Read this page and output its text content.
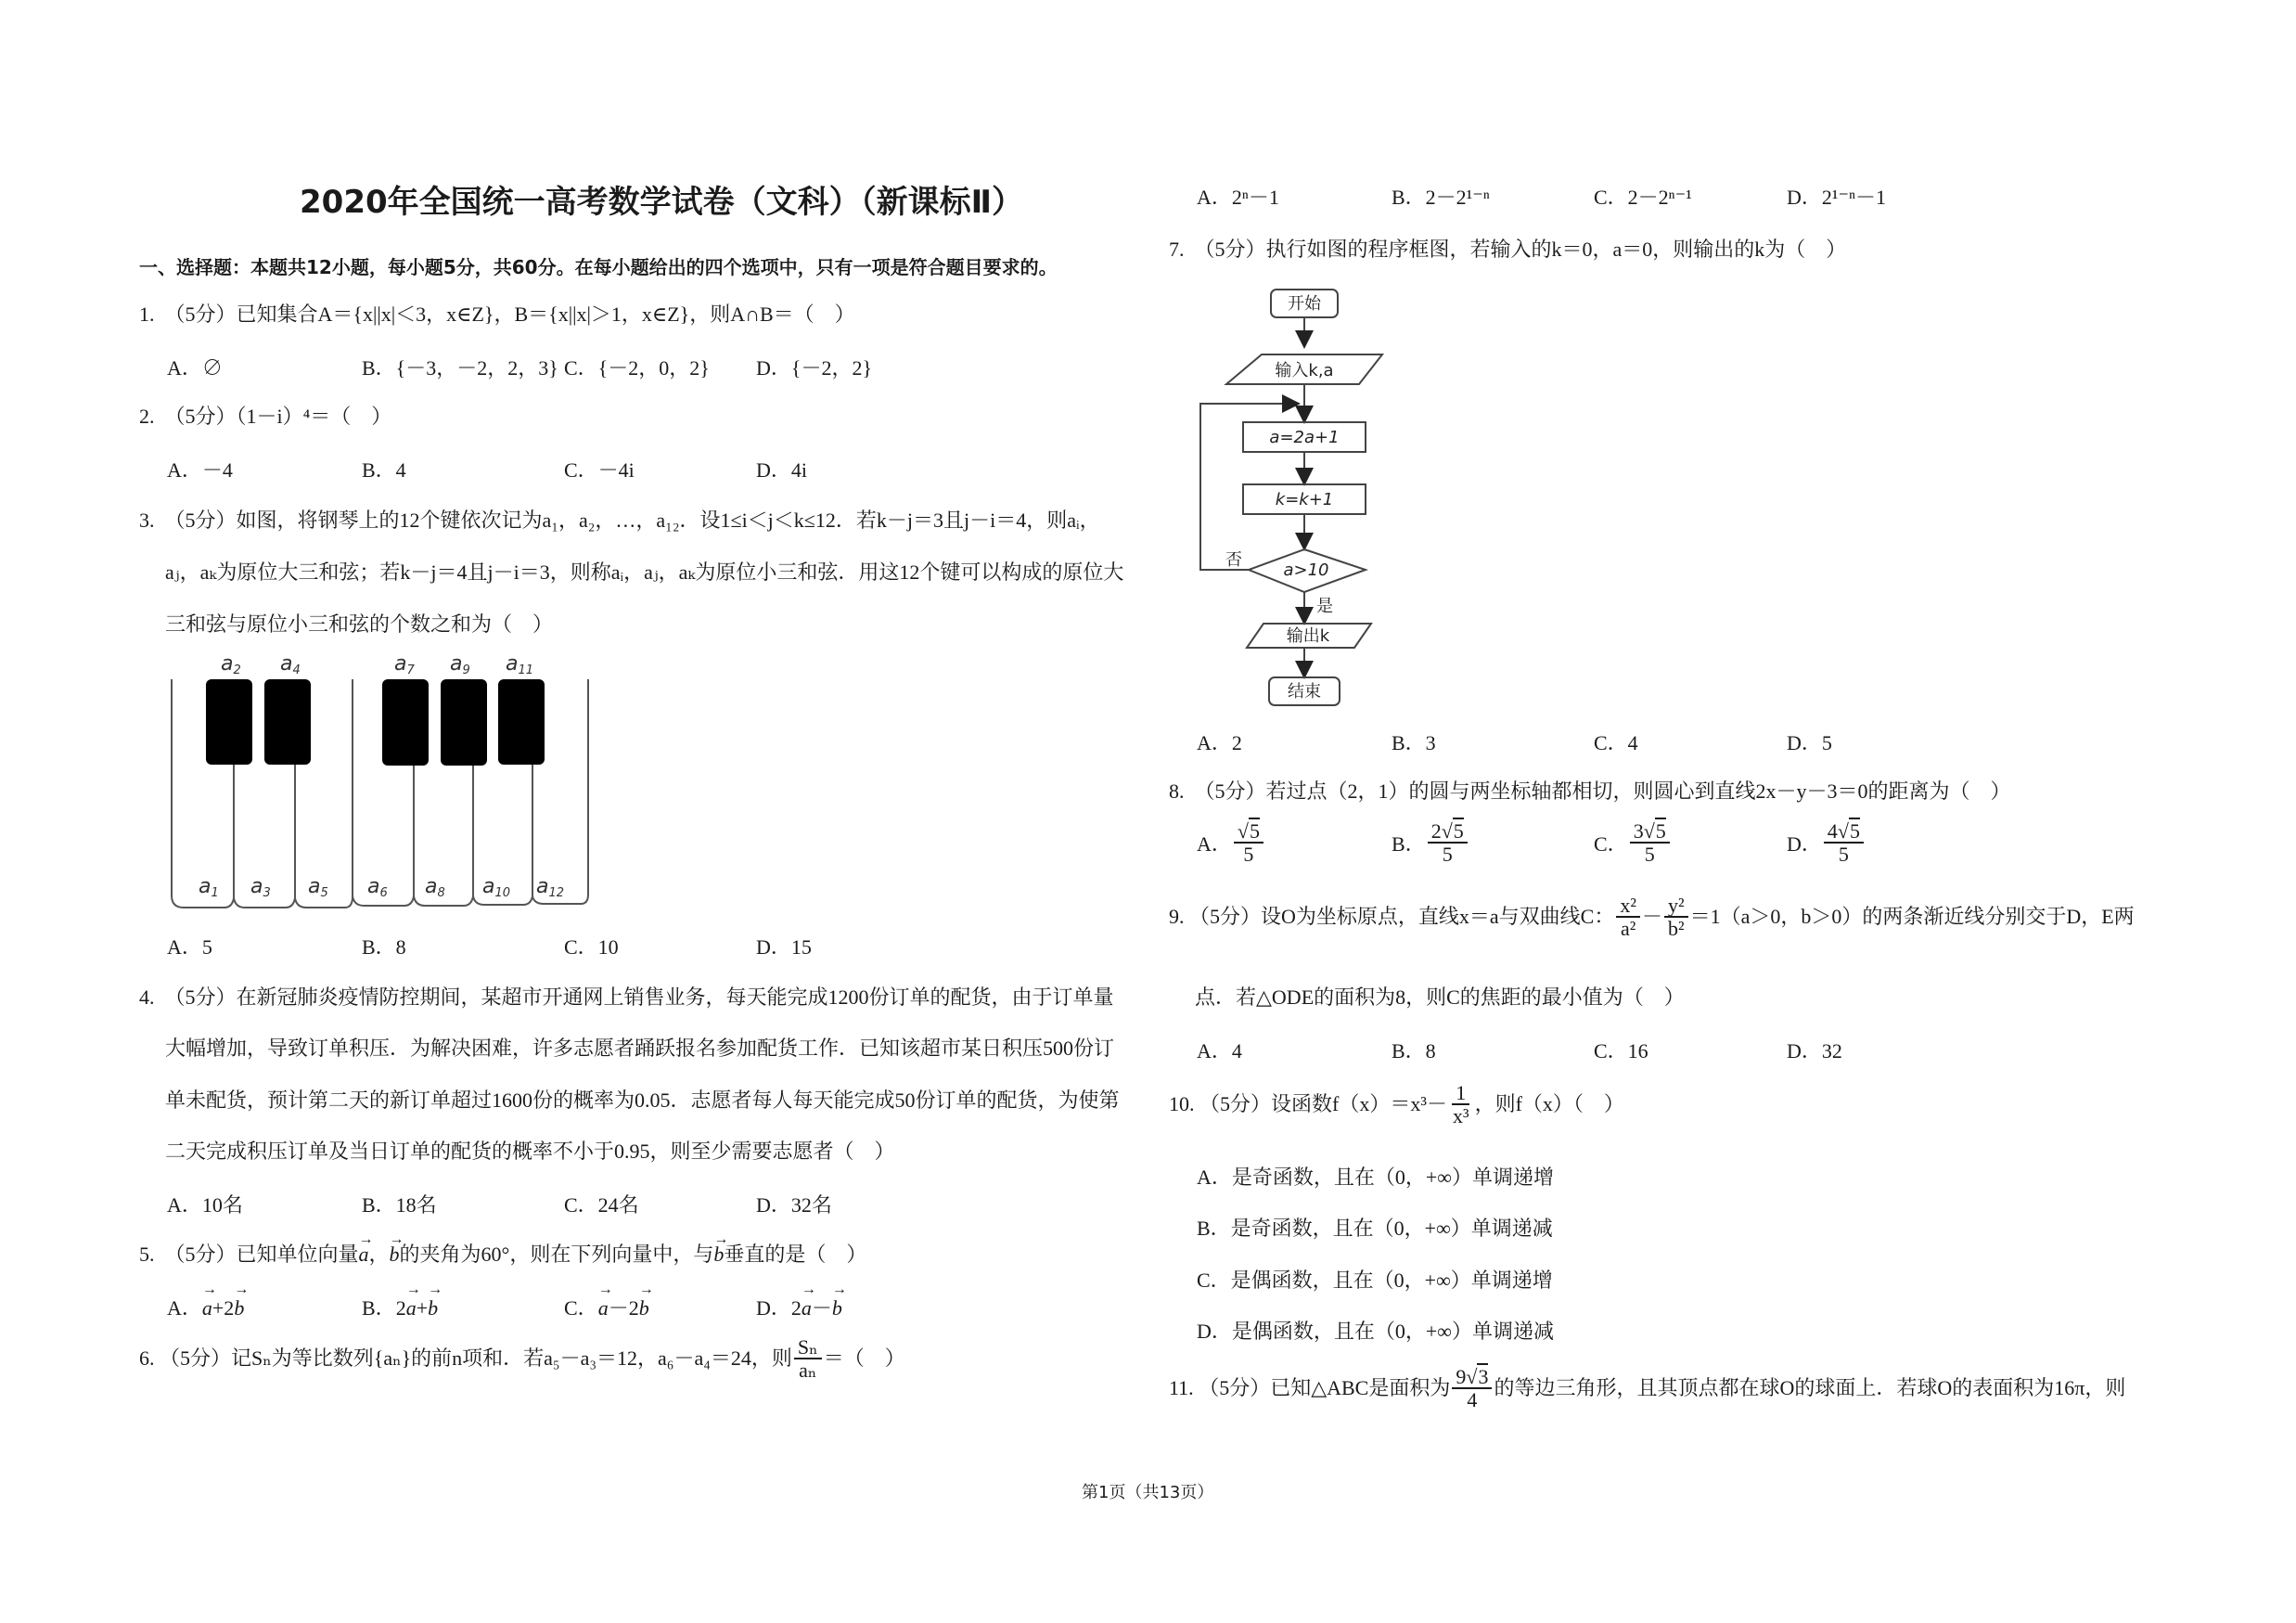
2020年全国统一高考数学试卷（文科）（新课标Ⅱ）
一、选择题：本题共12小题，每小题5分，共60分。在每小题给出的四个选项中，只有一项是符合题目要求的。
1. （5分）已知集合A＝{x||x|＜3，x∈Z}，B＝{x||x|＞1，x∈Z}，则A∩B＝（　）
A．∅	B．{－3，－2，2，3} C．{－2，0，2} D．{－2，2}
2. （5分）（1－i）⁴＝（　）
A．－4	B．4	C．－4i	D．4i
3. （5分）如图，将钢琴上的12个键依次记为a₁，a₂，…，a₁₂．设1≤i＜j＜k≤12．若k－j＝3且j－i＝4，则aᵢ，
aⱼ，aₖ为原位大三和弦；若k－j＝4且j－i＝3，则称aᵢ，aⱼ，aₖ为原位小三和弦．用这12个键可以构成的原位大
三和弦与原位小三和弦的个数之和为（　）
a2 a4	a7 a9 a11
a1 a3 a5 a6 a8 a10 a12
A．5	B．8	C．10	D．15
4. （5分）在新冠肺炎疫情防控期间，某超市开通网上销售业务，每天能完成1200份订单的配货，由于订单量
大幅增加，导致订单积压．为解决困难，许多志愿者踊跃报名参加配货工作．已知该超市某日积压500份订
单未配货，预计第二天的新订单超过1600份的概率为0.05．志愿者每人每天能完成50份订单的配货，为使第
二天完成积压订单及当日订单的配货的概率不小于0.95，则至少需要志愿者（　）
A．10名	B．18名	C．24名	D．32名
5. （5分）已知单位向量→ a，→ b的夹角为60°，则在下列向量中，与→ b垂直的是（　）
A．→ a+2→ b	B．2→ a+→ b	C．→ a－2→ b	D．2→ a－→ b
6.
（5分） 记Sₙ为等比数列{aₙ}的前n项和．若a₅－a₃＝12，a₆－a₄＝24，则 $\frac{\text{Sₙ}}{\text{aₙ}}$ ＝（　）
A．2ⁿ－1	B．2－2¹⁻ⁿ	C．2－2ⁿ⁻¹	D．2¹⁻ⁿ－1
7. （5分）执行如图的程序框图，若输入的k＝0，a＝0，则输出的k为（　）
开始
输入k,a
a=2a+1
k=k+1
a>10
否
是
输出k
结束
A．2	B．3	C．4	D．5
8. （5分）若过点（2，1）的圆与两坐标轴都相切，则圆心到直线2x－y－3＝0的距离为（　）
A． $\frac{√5}{5}$	B． $\frac{2√5}{5}$	C． $\frac{3√5}{5}$	D． $\frac{4√5}{5}$
9.
（5分） 设O为坐标原点，直线x＝a与双曲线C： $\frac{\text{x²}}{\text{a²}} - \frac{\text{y²}}{\text{b²}} =1(a>0$，b＞0）的两条渐近线分别交于D，E两
点．若△ODE的面积为8，则C的焦距的最小值为（　）
A．4	B．8	C．16	D．32
10.
（5分） 设函数$f(x)=x^3- \frac{1}{\text{x³}}$ ，则f（x）（　）
A．是奇函数，且在（0，+∞）单调递增
B．是奇函数，且在（0，+∞）单调递减
C．是偶函数，且在（0，+∞）单调递增
D．是偶函数，且在（0，+∞）单调递减
11.
（5分） 已知△ABC是面积为 $\frac{9√3}{4}$ 的等边三角形，且其顶点都在球O的球面上．若球O的表面积为16π，则
第1页（共13页）
